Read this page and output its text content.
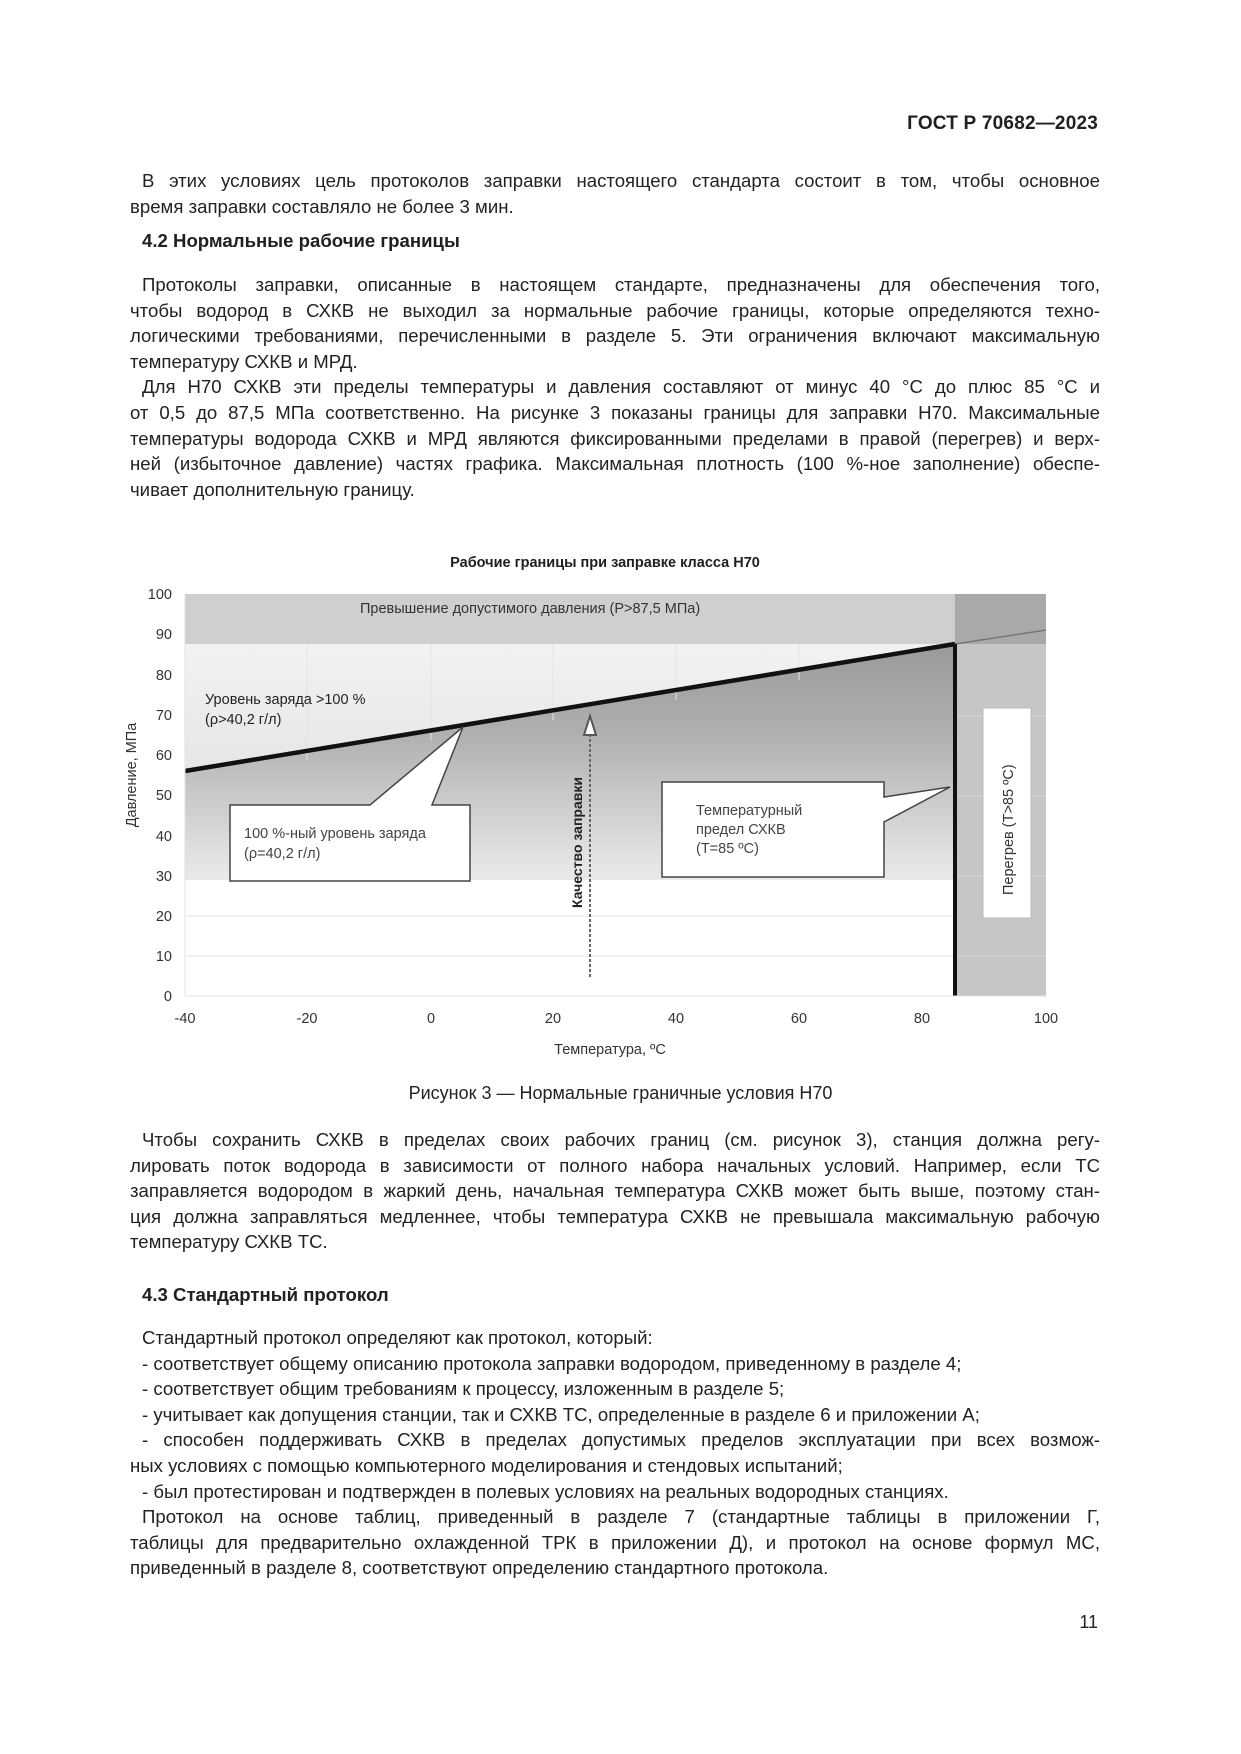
ГОСТ Р 70682—2023
В этих условиях цель протоколов заправки настоящего стандарта состоит в том, чтобы основное
время заправки составляло не более 3 мин.
4.2 Нормальные рабочие границы
Протоколы заправки, описанные в настоящем стандарте, предназначены для обеспечения того,
чтобы водород в СХКВ не выходил за нормальные рабочие границы, которые определяются техно-
логическими требованиями, перечисленными в разделе 5. Эти ограничения включают максимальную
температуру СХКВ и МРД.
Для Н70 СХКВ эти пределы температуры и давления составляют от минус 40 °С до плюс 85 °С и
от 0,5 до 87,5 МПа соответственно. На рисунке 3 показаны границы для заправки Н70. Максимальные
температуры водорода СХКВ и МРД являются фиксированными пределами в правой (перегрев) и верх-
ней (избыточное давление) частях графика. Максимальная плотность (100 %-ное заполнение) обеспе-
чивает дополнительную границу.
Рабочие границы при заправке класса Н70
100
90
80
70
60
50
40
30
20
10
0
-40	-20	0	20	40	60	80	100
Температура, ºС
Давление, МПа
Превышение допустимого давления (P>87,5 МПа)
Уровень заряда >100 %
(ρ>40,2 г/л)
100 %-ный уровень заряда
(ρ=40,2 г/л)	Качество заправки	Температурный
предел СХКВ
(T=85 ºС)	Перегрев (T>85 ºС)
Рисунок 3 — Нормальные граничные условия Н70
Чтобы сохранить СХКВ в пределах своих рабочих границ (см. рисунок 3), станция должна регу-
лировать поток водорода в зависимости от полного набора начальных условий. Например, если ТС
заправляется водородом в жаркий день, начальная температура СХКВ может быть выше, поэтому стан-
ция должна заправляться медленнее, чтобы температура СХКВ не превышала максимальную рабочую
температуру СХКВ ТС.
4.3 Стандартный протокол
Стандартный протокол определяют как протокол, который:
- соответствует общему описанию протокола заправки водородом, приведенному в разделе 4;
- соответствует общим требованиям к процессу, изложенным в разделе 5;
- учитывает как допущения станции, так и СХКВ ТС, определенные в разделе 6 и приложении А;
- способен поддерживать СХКВ в пределах допустимых пределов эксплуатации при всех возмож-
ных условиях с помощью компьютерного моделирования и стендовых испытаний;
- был протестирован и подтвержден в полевых условиях на реальных водородных станциях.
Протокол на основе таблиц, приведенный в разделе 7 (стандартные таблицы в приложении Г,
таблицы для предварительно охлажденной ТРК в приложении Д), и протокол на основе формул МС,
приведенный в разделе 8, соответствуют определению стандартного протокола.
11
